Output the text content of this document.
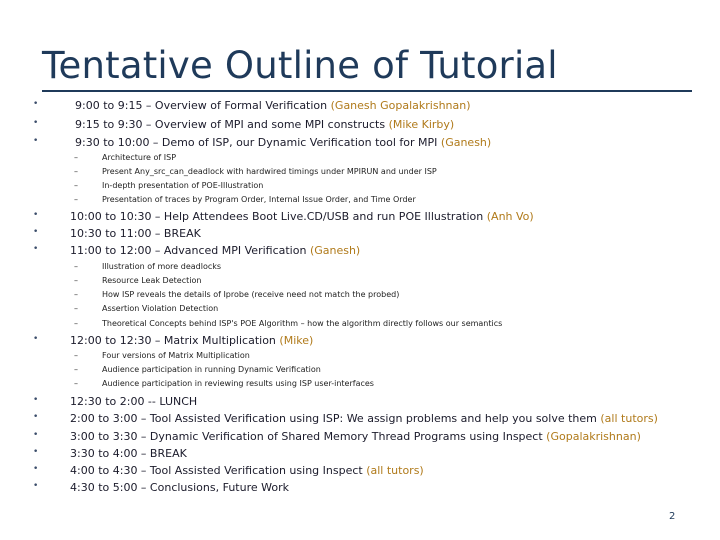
Tentative Outline of Tutorial
•	9:00 to 9:15 – Overview of Formal Verification (Ganesh Gopalakrishnan)
•	9:15 to 9:30 – Overview of MPI and some MPI constructs (Mike Kirby)
•	9:30 to 10:00 – Demo of ISP, our Dynamic Verification tool for MPI (Ganesh)
–	Architecture of ISP
–	Present Any_src_can_deadlock with hardwired timings under MPIRUN and under ISP
–	In-depth presentation of POE-Illustration
–	Presentation of traces by Program Order, Internal Issue Order, and Time Order
•	10:00 to 10:30 – Help Attendees Boot Live.CD/USB and run POE Illustration (Anh Vo)
•	10:30 to 11:00 – BREAK
•	11:00 to 12:00 – Advanced MPI Verification (Ganesh)
–	Illustration of more deadlocks
–	Resource Leak Detection
–	How ISP reveals the details of Iprobe (receive need not match the probed)
–	Assertion Violation Detection
–	Theoretical Concepts behind ISP's POE Algorithm – how the algorithm directly follows our semantics
•	12:00 to 12:30 – Matrix Multiplication (Mike)
–	Four versions of Matrix Multiplication
–	Audience participation in running Dynamic Verification
–	Audience participation in reviewing results using ISP user-interfaces
•	12:30 to 2:00 -- LUNCH
•	2:00 to 3:00 – Tool Assisted Verification using ISP: We assign problems and help you solve them (all tutors)
•	3:00 to 3:30 – Dynamic Verification of Shared Memory Thread Programs using Inspect (Gopalakrishnan)
•	3:30 to 4:00 – BREAK
•	4:00 to 4:30 – Tool Assisted Verification using Inspect (all tutors)
•	4:30 to 5:00 – Conclusions, Future Work
2
